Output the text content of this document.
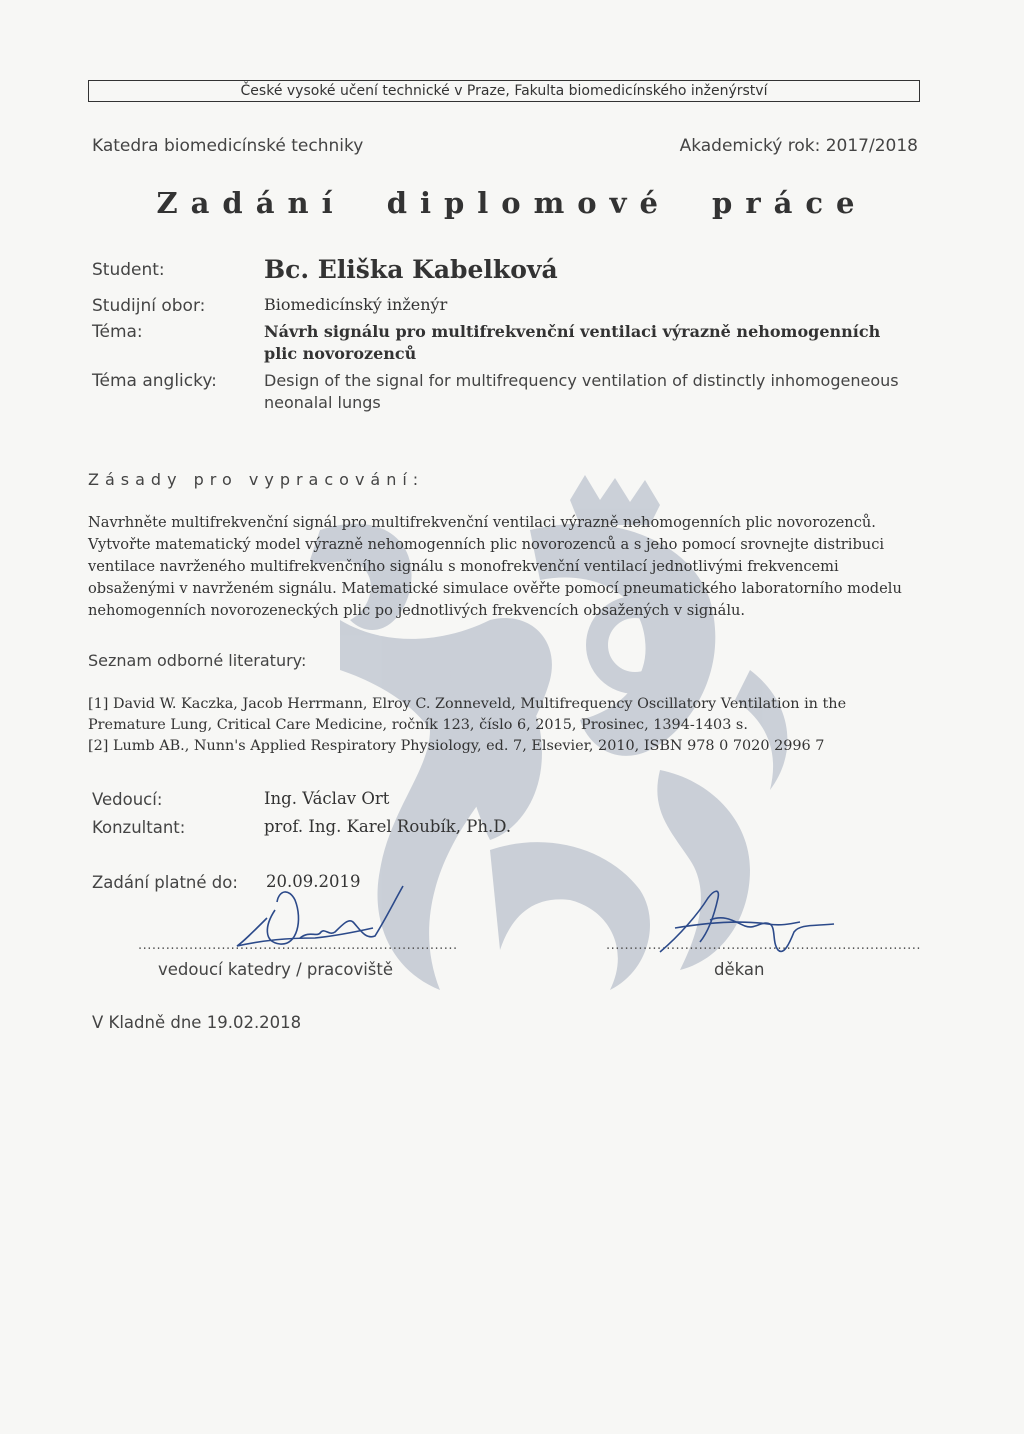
České vysoké učení technické v Praze, Fakulta biomedicínského inženýrství
Katedra biomedicínské techniky	Akademický rok: 2017/2018
Zadání diplomové práce
Student:	Bc. Eliška Kabelková
Studijní obor:	Biomedicínský inženýr
Téma:	Návrh signálu pro multifrekvenční ventilaci výrazně nehomogenních plic novorozenců
Téma anglicky:	Design of the signal for multifrequency ventilation of distinctly inhomogeneous neonalal lungs
Zásady pro vypracování:
Navrhněte multifrekvenční signál pro multifrekvenční ventilaci výrazně nehomogenních plic novorozenců. Vytvořte matematický model výrazně nehomogenních plic novorozenců a s jeho pomocí srovnejte distribuci ventilace navrženého multifrekvenčního signálu s monofrekvenční ventilací jednotlivými frekvencemi obsaženými v navrženém signálu. Matematické simulace ověřte pomocí pneumatického laboratorního modelu nehomogenních novorozeneckých plic po jednotlivých frekvencích obsažených v signálu.
Seznam odborné literatury:
[1] David W. Kaczka, Jacob Herrmann, Elroy C. Zonneveld, Multifrequency Oscillatory Ventilation in the
Premature Lung, Critical Care Medicine, ročník 123, číslo 6, 2015, Prosinec, 1394-1403 s.
[2] Lumb AB., Nunn's Applied Respiratory Physiology, ed. 7, Elsevier, 2010, ISBN 978 0 7020 2996 7
Vedoucí:	Ing. Václav Ort
Konzultant:	prof. Ing. Karel Roubík, Ph.D.
Zadání platné do: 20.09.2019
.....................................................................
vedoucí katedry / pracoviště
....................................................................
děkan
V Kladně dne 19.02.2018
